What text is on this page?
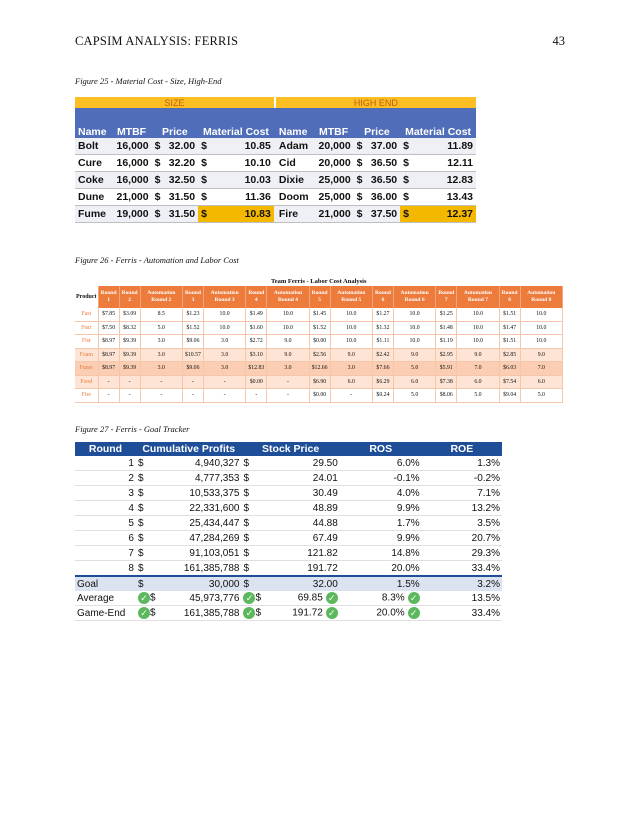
CAPSIM ANALYSIS: FERRIS	43
Figure 25 - Material Cost - Size, High-End
SIZE							HIGH END					
Name	MTBF	Price		Material Cost			Name	MTBF	Price		Material Cost	
Bolt	16,000	$	32.00	$	10.85		Adam	20,000	$	37.00	$	11.89
Cure	16,000	$	32.20	$	10.10		Cid	20,000	$	36.50	$	12.11
Coke	16,000	$	32.50	$	10.03		Dixie	25,000	$	36.50	$	12.83
Dune	21,000	$	31.50	$	11.36		Doom	25,000	$	36.00	$	13.43
Fume	19,000	$	31.50	$	10.83		Fire	21,000	$	37.50	$	12.37
Figure 26 - Ferris - Automation and Labor Cost
Team Ferris - Labor Cost Analysis															
Product	Round 1	Round 2	Automation Round 2	Round 3	Automation Round 3	Round 4	Automation Round 4	Round 5	Automation Round 5	Round 6	Automation Round 6	Round 7	Automation Round 7	Round 8	Automation Round 8
Fast	$7.85	$3.09	8.5	$1.23	10.0	$1.49	10.0	$1.45	10.0	$1.27	10.0	$1.25	10.0	$1.51	10.0
Fear	$7.50	$8.32	5.0	$1.52	10.0	$1.60	10.0	$1.52	10.0	$1.32	10.0	$1.48	10.0	$1.47	10.0
Fist	$8.97	$9.39	3.0	$9.06	3.0	$2.72	9.0	$0.00	10.0	$1.11	10.0	$1.19	10.0	$1.51	10.0
Foam	$8.97	$9.39	3.0	$10.57	3.0	$3.10	9.0	$2.56	9.0	$2.42	9.0	$2.95	9.0	$2.85	9.0
Fume	$8.97	$9.39	3.0	$9.06	3.0	$12.83	3.0	$12.66	3.0	$7.66	5.0	$5.91	7.0	$6.03	7.0
Food	-	-	-	-	-	$0.00	-	$6.90	6.0	$6.29	6.0	$7.38	6.0	$7.54	6.0
Fire	-	-	-	-	-	-	-	$0.00	-	$0.24	5.0	$8.06	5.0	$9.04	5.0
Figure 27 - Ferris - Goal Tracker
Round	Cumulative Profits		Stock Price		ROS	ROE
1	$	4,940,327	$	29.50	6.0%	1.3%
2	$	4,777,353	$	24.01	-0.1%	-0.2%
3	$	10,533,375	$	30.49	4.0%	7.1%
4	$	22,331,600	$	48.89	9.9%	13.2%
5	$	25,434,447	$	44.88	1.7%	3.5%
6	$	47,284,269	$	67.49	9.9%	20.7%
7	$	91,103,051	$	121.82	14.8%	29.3%
8	$	161,385,788	$	191.72	20.0%	33.4%
Goal	$	30,000	$	32.00	1.5%	3.2%
Average	✓ $	45,973,776	✓ $	69.85 ✓	8.3% ✓	13.5%
Game-End	✓ $	161,385,788	✓ $	191.72 ✓	20.0% ✓	33.4%
